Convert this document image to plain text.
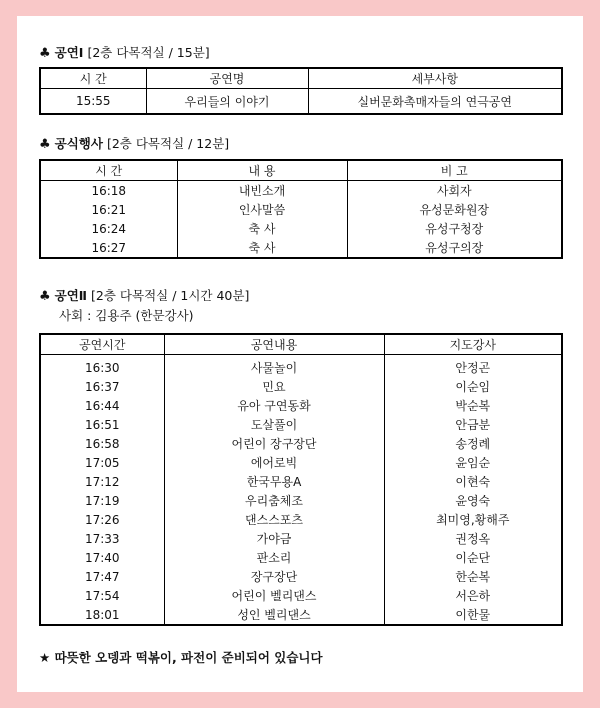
♣ 공연Ⅰ [2층 다목적실 / 15분]
시 간	공연명	세부사항
15:55	우리들의 이야기	실버문화촉매자들의 연극공연
♣ 공식행사 [2층 다목적실 / 12분]
시 간	내 용	비 고
16:18	내빈소개	사회자
16:21	인사말씀	유성문화원장
16:24	축 사	유성구청장
16:27	축 사	유성구의장
♣ 공연Ⅱ [2층 다목적실 / 1시간 40분]
사회 : 김용주 (한문강사)
공연시간	공연내용	지도강사
16:30	사물놀이	안정곤
16:37	민요	이순임
16:44	유아 구연동화	박순복
16:51	도살풀이	안금분
16:58	어린이 장구장단	송정례
17:05	에어로빅	윤임순
17:12	한국무용A	이현숙
17:19	우리춤체조	윤영숙
17:26	댄스스포츠	최미영,황해주
17:33	가야금	권정옥
17:40	판소리	이순단
17:47	장구장단	한순복
17:54	어린이 벨리댄스	서은하
18:01	성인 벨리댄스	이한물
★ 따뜻한 오뎅과 떡볶이, 파전이 준비되어 있습니다
